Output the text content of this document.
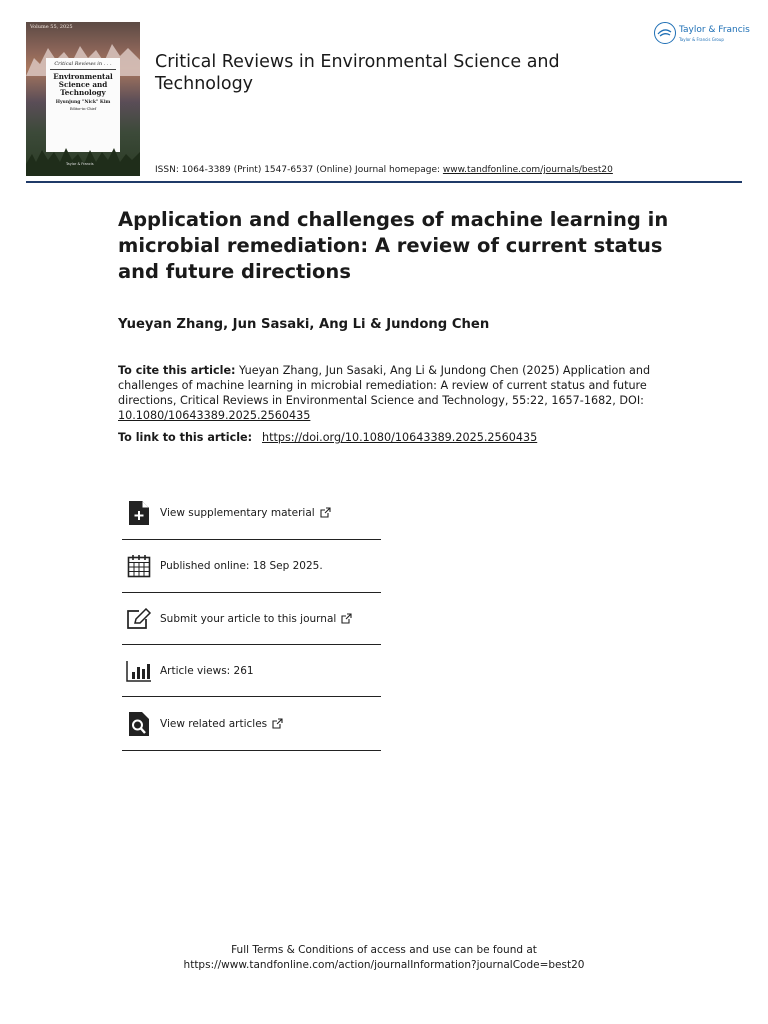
Volume 55, 2025
Critical Reviews in . . .
Environmental
Science and
Technology
Hyunjung "Nick" Kim
Editor-in-Chief
Taylor & Francis
Critical Reviews in Environmental Science and Technology
Taylor & Francis
Taylor & Francis Group
ISSN: 1064-3389 (Print) 1547-6537 (Online) Journal homepage: www.tandfonline.com/journals/best20
Application and challenges of machine learning in microbial remediation: A review of current status and future directions
Yueyan Zhang, Jun Sasaki, Ang Li & Jundong Chen
To cite this article: Yueyan Zhang, Jun Sasaki, Ang Li & Jundong Chen (2025) Application and challenges of machine learning in microbial remediation: A review of current status and future directions, Critical Reviews in Environmental Science and Technology, 55:22, 1657-1682, DOI: 10.1080/10643389.2025.2560435
To link to this article: https://doi.org/10.1080/10643389.2025.2560435
View supplementary material
Published online: 18 Sep 2025.
Submit your article to this journal
Article views: 261
View related articles
Full Terms & Conditions of access and use can be found at
https://www.tandfonline.com/action/journalInformation?journalCode=best20
